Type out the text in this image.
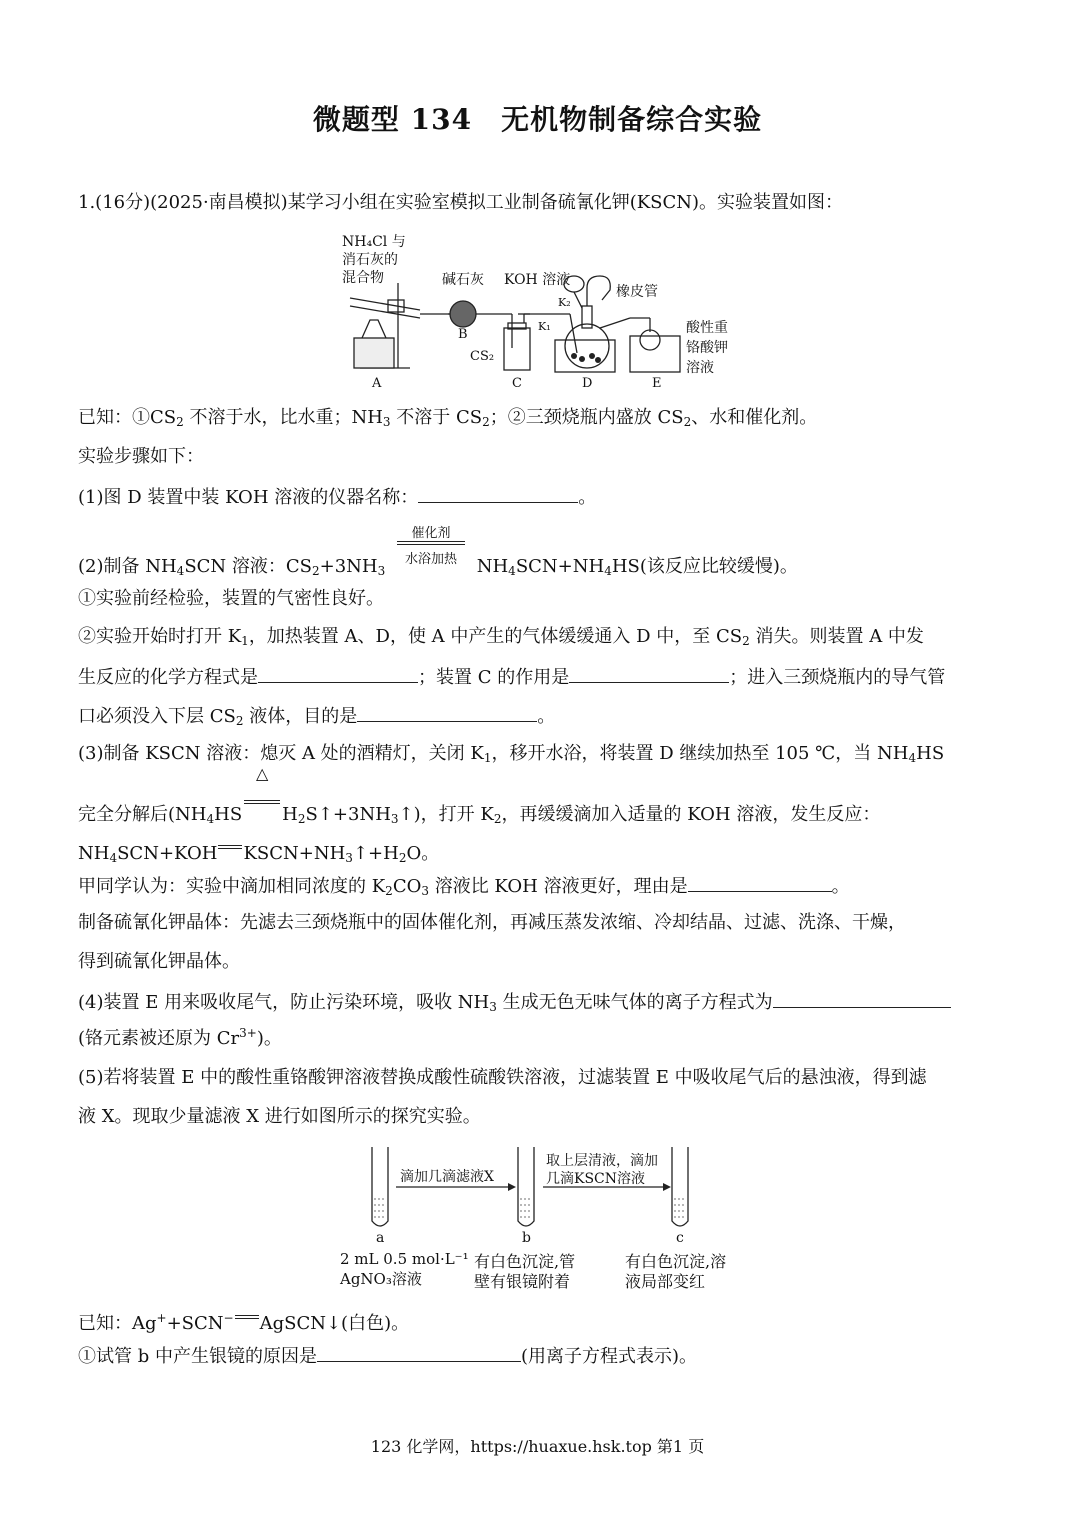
微题型 134　无机物制备综合实验
1.(16分)(2025·南昌模拟)某学习小组在实验室模拟工业制备硫氰化钾(KSCN)。实验装置如图：
NH₄Cl 与
消石灰的
混合物	碱石灰 KOH 溶液
橡皮管
K₂
K₁
CS₂
酸性重
铬酸钾
溶液
A
B
C	D	E
已知：$①CS_2$ 不溶于水，比水重；$NH_3$ 不溶于 $CS_2$；②三颈烧瓶内盛放 $CS_2$、水和催化剂。
实验步骤如下：
(1)图 D 装置中装 KOH 溶液的仪器名称：	。
(2)制备 $NH_4SCN$ 溶液：$CS_2+3NH_3$
催化剂
水浴加热 $NH_4SCN+NH_4HS$(该反应比较缓慢)。
①实验前经检验，装置的气密性良好。
②实验开始时打开 $K_1$，加热装置 A、D，使 A 中产生的气体缓缓通入 D 中，至 $CS_2$ 消失。则装置 A 中发
生反应的化学方程式是	；装置 C 的作用是	；进入三颈烧瓶内的导气管
口必须没入下层 $CS_2$ 液体，目的是	。
(3)制备 KSCN 溶液：熄灭 A 处的酒精灯，关闭 $K_1$，移开水浴，将装置 D 继续加热至 105 ℃，当 $NH_4HS$
完全分解后($NH_4HS$
△
$H_2S↑+3NH_3↑$)，打开 $K_2$，再缓缓滴加入适量的 KOH 溶液，发生反应：
$NH_4SCN+KOH$ $KSCN+NH_3↑+H_2O$。
甲同学认为：实验中滴加相同浓度的 $K_2CO_3$ 溶液比 KOH 溶液更好，理由是	。
制备硫氰化钾晶体：先滤去三颈烧瓶中的固体催化剂，再减压蒸发浓缩、冷却结晶、过滤、洗涤、干燥，
得到硫氰化钾晶体。
(4)装置 E 用来吸收尾气，防止污染环境，吸收 $NH_3$ 生成无色无味气体的离子方程式为
(铬元素被还原为 $Cr^{3+}$)。
(5)若将装置 E 中的酸性重铬酸钾溶液替换成酸性硫酸铁溶液，过滤装置 E 中吸收尾气后的悬浊液，得到滤
液 X。现取少量滤液 X 进行如图所示的探究实验。
滴加几滴滤液X
取上层清液，滴加
几滴KSCN溶液
a	b	c
2 mL 0.5 mol·L⁻¹
AgNO₃溶液
有白色沉淀,管
壁有银镜附着
有白色沉淀,溶
液局部变红
已知：Ag++SCN− AgSCN↓(白色)。
①试管 b 中产生银镜的原因是	(用离子方程式表示)。
123 化学网，https://huaxue.hsk.top 第1 页
